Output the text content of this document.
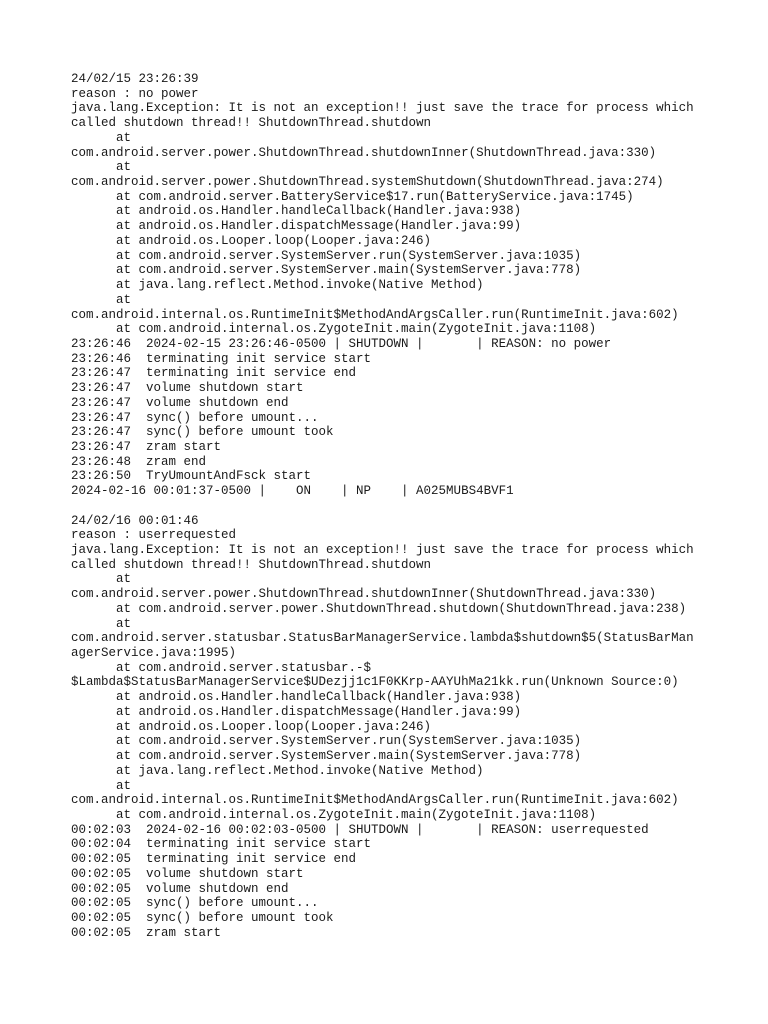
24/02/15 23:26:39
reason : no power
java.lang.Exception: It is not an exception!! just save the trace for process which
called shutdown thread!! ShutdownThread.shutdown
at
com.android.server.power.ShutdownThread.shutdownInner(ShutdownThread.java:330)
at
com.android.server.power.ShutdownThread.systemShutdown(ShutdownThread.java:274)
at com.android.server.BatteryService$17.run(BatteryService.java:1745)
at android.os.Handler.handleCallback(Handler.java:938)
at android.os.Handler.dispatchMessage(Handler.java:99)
at android.os.Looper.loop(Looper.java:246)
at com.android.server.SystemServer.run(SystemServer.java:1035)
at com.android.server.SystemServer.main(SystemServer.java:778)
at java.lang.reflect.Method.invoke(Native Method)
at
com.android.internal.os.RuntimeInit$MethodAndArgsCaller.run(RuntimeInit.java:602)
at com.android.internal.os.ZygoteInit.main(ZygoteInit.java:1108)
23:26:46  2024-02-15 23:26:46-0500 | SHUTDOWN |       | REASON: no power
23:26:46  terminating init service start
23:26:47  terminating init service end
23:26:47  volume shutdown start
23:26:47  volume shutdown end
23:26:47  sync() before umount...
23:26:47  sync() before umount took
23:26:47  zram start
23:26:48  zram end
23:26:50  TryUmountAndFsck start
2024-02-16 00:01:37-0500 |    ON    | NP    | A025MUBS4BVF1
24/02/16 00:01:46
reason : userrequested
java.lang.Exception: It is not an exception!! just save the trace for process which
called shutdown thread!! ShutdownThread.shutdown
at
com.android.server.power.ShutdownThread.shutdownInner(ShutdownThread.java:330)
at com.android.server.power.ShutdownThread.shutdown(ShutdownThread.java:238)
at
com.android.server.statusbar.StatusBarManagerService.lambda$shutdown$5(StatusBarMan
agerService.java:1995)
at com.android.server.statusbar.-$
$Lambda$StatusBarManagerService$UDezjj1c1F0KKrp-AAYUhMa21kk.run(Unknown Source:0)
at android.os.Handler.handleCallback(Handler.java:938)
at android.os.Handler.dispatchMessage(Handler.java:99)
at android.os.Looper.loop(Looper.java:246)
at com.android.server.SystemServer.run(SystemServer.java:1035)
at com.android.server.SystemServer.main(SystemServer.java:778)
at java.lang.reflect.Method.invoke(Native Method)
at
com.android.internal.os.RuntimeInit$MethodAndArgsCaller.run(RuntimeInit.java:602)
at com.android.internal.os.ZygoteInit.main(ZygoteInit.java:1108)
00:02:03  2024-02-16 00:02:03-0500 | SHUTDOWN |       | REASON: userrequested
00:02:04  terminating init service start
00:02:05  terminating init service end
00:02:05  volume shutdown start
00:02:05  volume shutdown end
00:02:05  sync() before umount...
00:02:05  sync() before umount took
00:02:05  zram start
